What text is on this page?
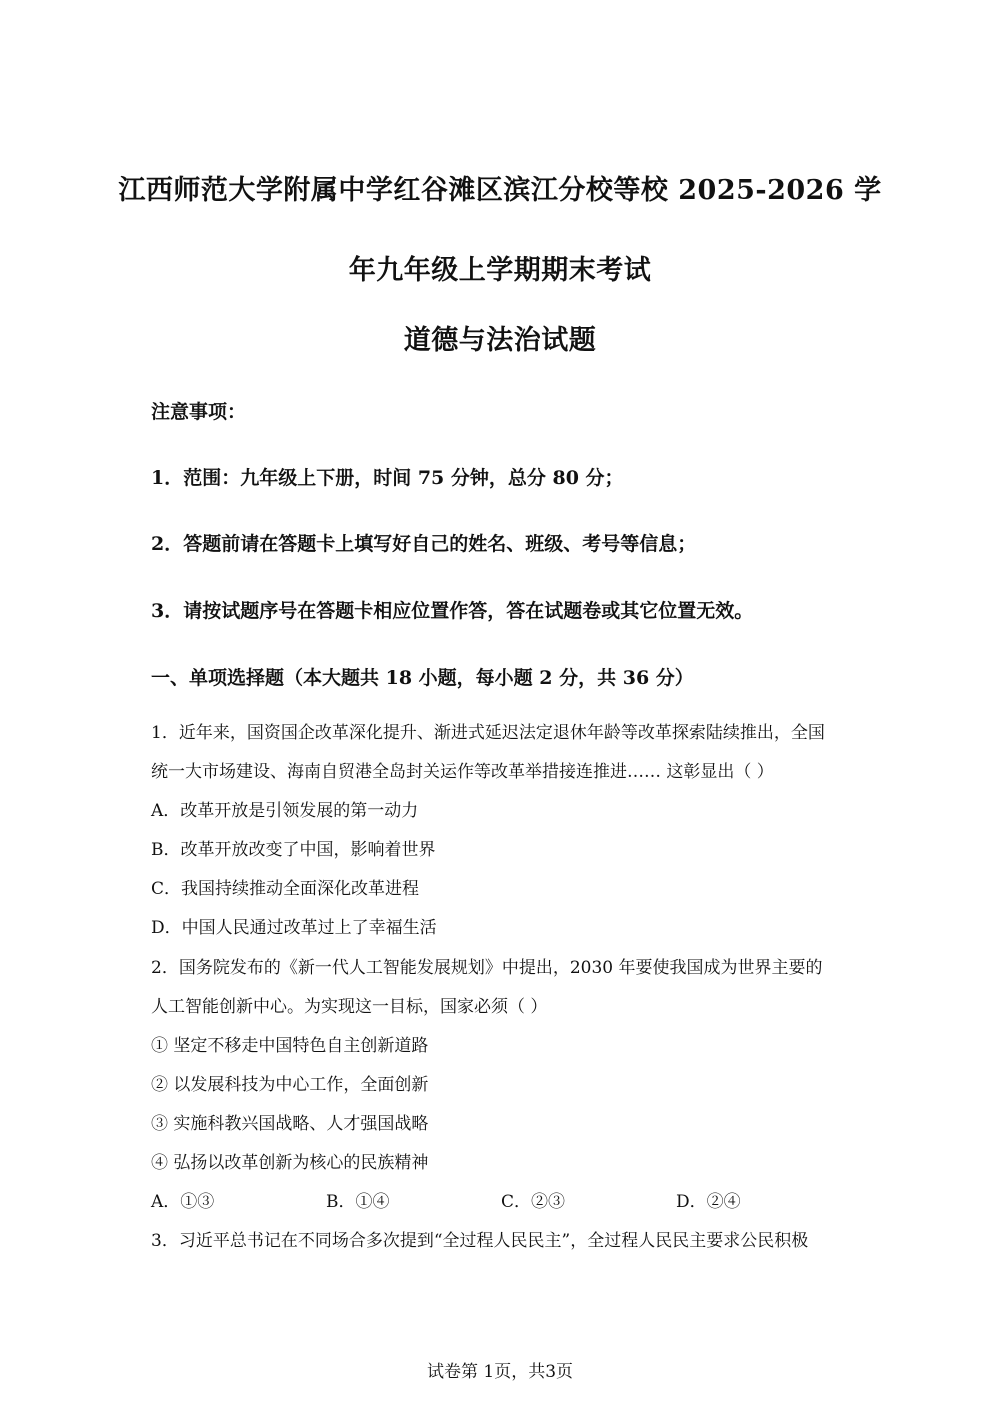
江西师范大学附属中学红谷滩区滨江分校等校 2025-2026 学
年九年级上学期期末考试
道德与法治试题
注意事项：
1．范围：九年级上下册，时间 75 分钟，总分 80 分；
2．答题前请在答题卡上填写好自己的姓名、班级、考号等信息；
3．请按试题序号在答题卡相应位置作答，答在试题卷或其它位置无效。
一、单项选择题（本大题共 18 小题，每小题 2 分，共 36 分）
1．近年来，国资国企改革深化提升、渐进式延迟法定退休年龄等改革探索陆续推出，全国
统一大市场建设、海南自贸港全岛封关运作等改革举措接连推进…… 这彰显出（ ）
A．改革开放是引领发展的第一动力
B．改革开放改变了中国，影响着世界
C．我国持续推动全面深化改革进程
D．中国人民通过改革过上了幸福生活
2．国务院发布的《新一代人工智能发展规划》中提出，2030 年要使我国成为世界主要的
人工智能创新中心。为实现这一目标，国家必须（ ）
① 坚定不移走中国特色自主创新道路
② 以发展科技为中心工作，全面创新
③ 实施科教兴国战略、人才强国战略
④ 弘扬以改革创新为核心的民族精神
A．①③	B．①④	C．②③	D．②④
3．习近平总书记在不同场合多次提到“全过程人民民主”，全过程人民民主要求公民积极
试卷第 1页，共3页
